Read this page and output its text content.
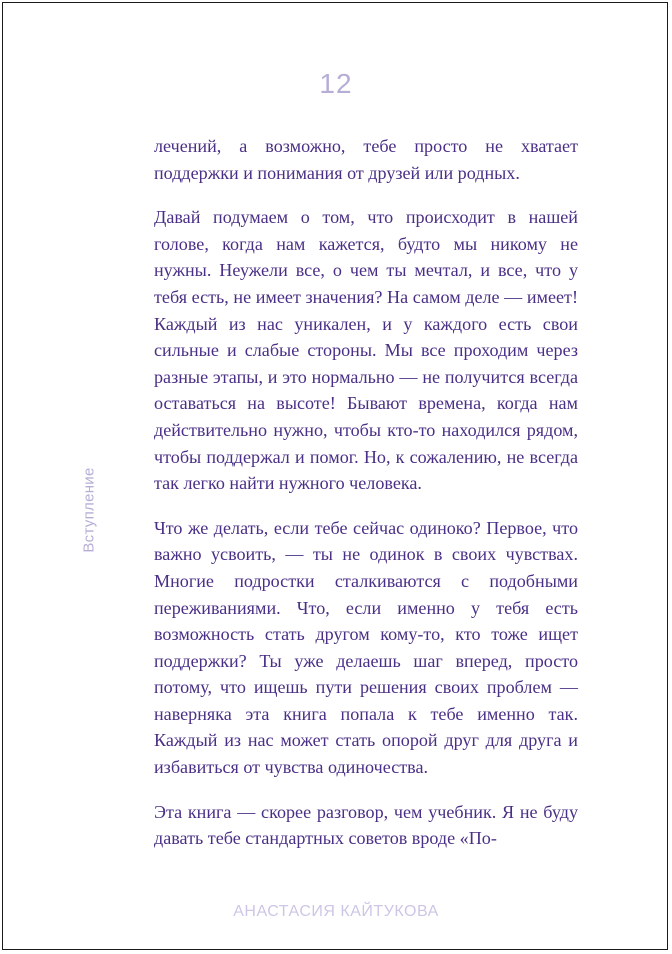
12
Вступление

лечений, а возможно, тебе просто не хватает поддержки и понимания от друзей или родных.

Давай подумаем о том, что происходит в нашей голове, когда нам кажется, будто мы никому не нужны. Неужели все, о чем ты мечтал, и все, что у тебя есть, не имеет значения? На самом деле — имеет! Каждый из нас уникален, и у каждого есть свои сильные и слабые стороны. Мы все проходим через разные этапы, и это нормально — не получится всегда оставаться на высоте! Бывают времена, когда нам действительно нужно, чтобы кто-то находился рядом, чтобы поддержал и помог. Но, к сожалению, не всегда так легко найти нужного человека.

Что же делать, если тебе сейчас одиноко? Первое, что важно усвоить, — ты не одинок в своих чувствах. Многие подростки сталкиваются с подобными переживаниями. Что, если именно у тебя есть возможность стать другом кому-то, кто тоже ищет поддержки? Ты уже делаешь шаг вперед, просто потому, что ищешь пути решения своих проблем — наверняка эта книга попала к тебе именно так. Каждый из нас может стать опорой друг для друга и избавиться от чувства одиночества.

Эта книга — скорее разговор, чем учебник. Я не буду давать тебе стандартных советов вроде «По-

АНАСТАСИЯ КАЙТУКОВА
